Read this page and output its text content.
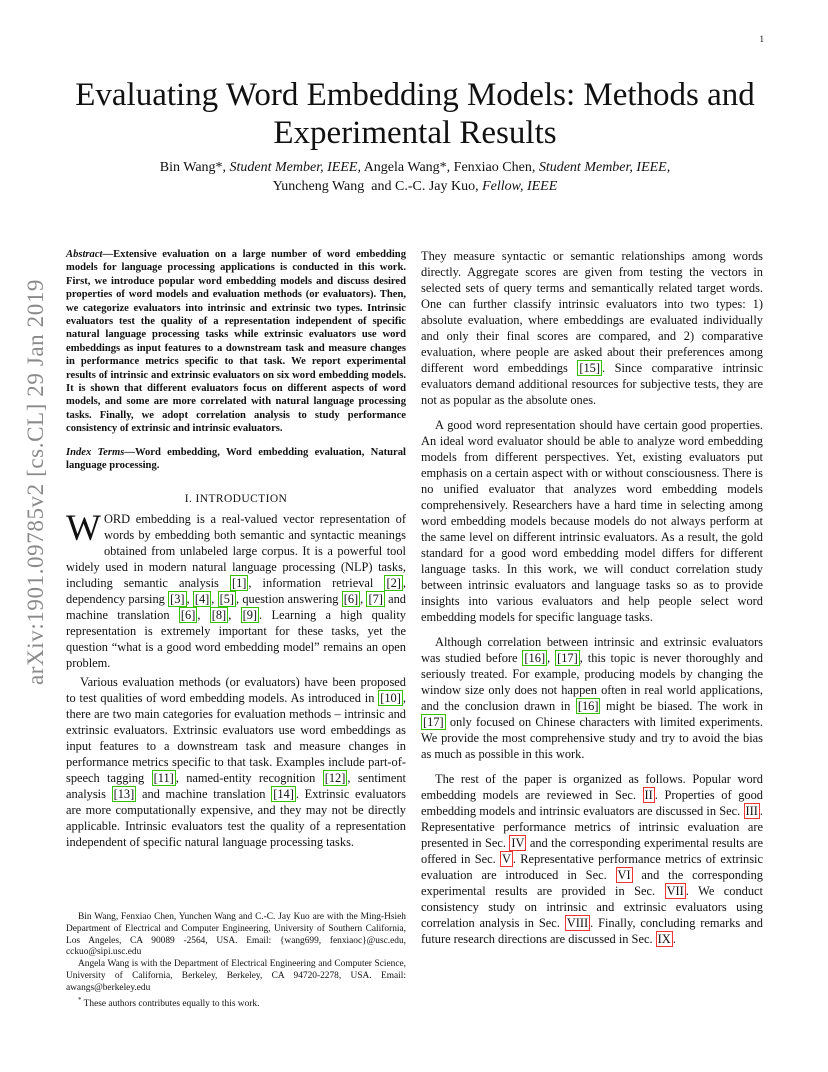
1
arXiv:1901.09785v2 [cs.CL] 29 Jan 2019
Evaluating Word Embedding Models: Methods and
Experimental Results
Bin Wang*, Student Member, IEEE, Angela Wang*, Fenxiao Chen, Student Member, IEEE,
Yuncheng Wang and C.-C. Jay Kuo, Fellow, IEEE

Abstract—Extensive evaluation on a large number of word embedding models for language processing applications is conducted in this work. First, we introduce popular word embedding models and discuss desired properties of word models and evaluation methods (or evaluators). Then, we categorize evaluators into intrinsic and extrinsic two types. Intrinsic evaluators test the quality of a representation independent of specific natural language processing tasks while extrinsic evaluators use word embeddings as input features to a downstream task and measure changes in performance metrics specific to that task. We report experimental results of intrinsic and extrinsic evaluators on six word embedding models. It is shown that different evaluators focus on different aspects of word models, and some are more correlated with natural language processing tasks. Finally, we adopt correlation analysis to study performance consistency of extrinsic and intrinsic evaluators.

Index Terms—Word embedding, Word embedding evaluation, Natural language processing.

I. INTRODUCTION

WORD embedding is a real-valued vector representation of words by embedding both semantic and syntactic meanings obtained from unlabeled large corpus. It is a powerful tool widely used in modern natural language processing (NLP) tasks, including semantic analysis [1] , information retrieval [2] , dependency parsing [3] , [4] , [5] , question answering [6] , [7] and machine translation [6] , [8] , [9] . Learning a high quality representation is extremely important for these tasks, yet the question “what is a good word embedding model” remains an open problem.

Various evaluation methods (or evaluators) have been proposed to test qualities of word embedding models. As introduced in [10] , there are two main categories for evaluation methods – intrinsic and extrinsic evaluators. Extrinsic evaluators use word embeddings as input features to a downstream task and measure changes in performance metrics specific to that task. Examples include part-of-speech tagging [11] , named-entity recognition [12] , sentiment analysis [13] and machine translation [14] . Extrinsic evaluators are more computationally expensive, and they may not be directly applicable. Intrinsic evaluators test the quality of a representation independent of specific natural language processing tasks.

Bin Wang, Fenxiao Chen, Yunchen Wang and C.-C. Jay Kuo are with the Ming-Hsieh Department of Electrical and Computer Engineering, University of Southern California, Los Angeles, CA 90089 -2564, USA. Email: {wang699, fenxiaoc}@usc.edu, cckuo@sipi.usc.edu

Angela Wang is with the Department of Electrical Engineering and Computer Science, University of California, Berkeley, Berkeley, CA 94720-2278, USA. Email: awangs@berkeley.edu

* These authors contributes equally to this work.

They measure syntactic or semantic relationships among words directly. Aggregate scores are given from testing the vectors in selected sets of query terms and semantically related target words. One can further classify intrinsic evaluators into two types: 1) absolute evaluation, where embeddings are evaluated individually and only their final scores are compared, and 2) comparative evaluation, where people are asked about their preferences among different word embeddings [15] . Since comparative intrinsic evaluators demand additional resources for subjective tests, they are not as popular as the absolute ones.

A good word representation should have certain good properties. An ideal word evaluator should be able to analyze word embedding models from different perspectives. Yet, existing evaluators put emphasis on a certain aspect with or without consciousness. There is no unified evaluator that analyzes word embedding models comprehensively. Researchers have a hard time in selecting among word embedding models because models do not always perform at the same level on different intrinsic evaluators. As a result, the gold standard for a good word embedding model differs for different language tasks. In this work, we will conduct correlation study between intrinsic evaluators and language tasks so as to provide insights into various evaluators and help people select word embedding models for specific language tasks.

Although correlation between intrinsic and extrinsic evaluators was studied before [16] , [17] , this topic is never thoroughly and seriously treated. For example, producing models by changing the window size only does not happen often in real world applications, and the conclusion drawn in [16] might be biased. The work in [17] only focused on Chinese characters with limited experiments. We provide the most comprehensive study and try to avoid the bias as much as possible in this work.

The rest of the paper is organized as follows. Popular word embedding models are reviewed in Sec. II . Properties of good embedding models and intrinsic evaluators are discussed in Sec. III . Representative performance metrics of intrinsic evaluation are presented in Sec. IV and the corresponding experimental results are offered in Sec. V . Representative performance metrics of extrinsic evaluation are introduced in Sec. VI and the corresponding experimental results are provided in Sec. VII . We conduct consistency study on intrinsic and extrinsic evaluators using correlation analysis in Sec. VIII . Finally, concluding remarks and future research directions are discussed in Sec. IX .
